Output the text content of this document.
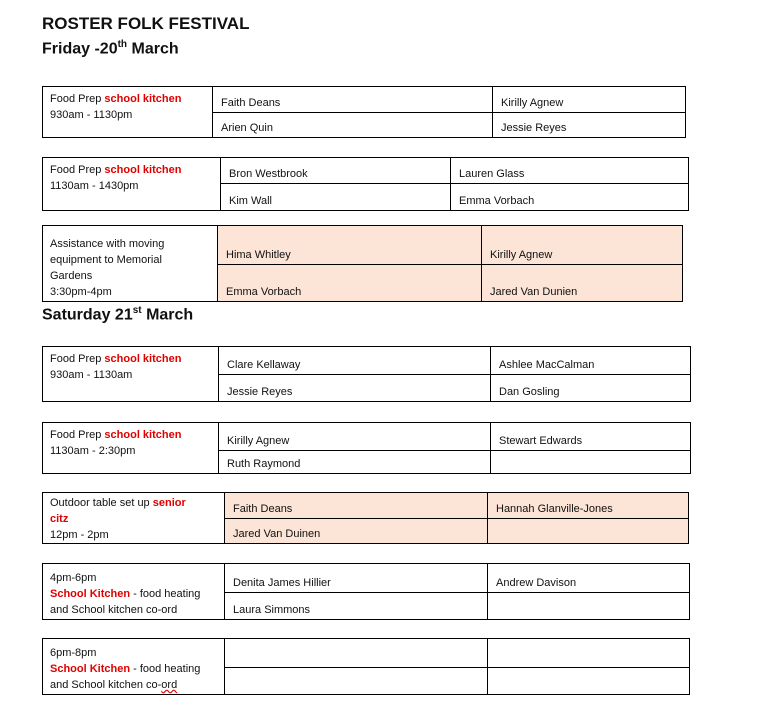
ROSTER FOLK FESTIVAL
Friday -20th March
Food Prep school kitchen
930am - 1130pm
Faith Deans	Kirilly Agnew
Arien Quin	Jessie Reyes
Food Prep school kitchen
1130am - 1430pm
Bron Westbrook	Lauren Glass
Kim Wall	Emma Vorbach
Assistance with moving
equipment to Memorial
Gardens
3:30pm-4pm
Hima Whitley	Kirilly Agnew
Emma Vorbach	Jared Van Dunien
Saturday 21st March
Food Prep school kitchen
930am - 1130am
Clare Kellaway	Ashlee MacCalman
Jessie Reyes	Dan Gosling
Food Prep school kitchen
1130am - 2:30pm
Kirilly Agnew	Stewart Edwards
Ruth Raymond
Outdoor table set up senior
citz
12pm - 2pm
Faith Deans	Hannah Glanville-Jones
Jared Van Duinen
4pm-6pm
School Kitchen - food heating
and School kitchen co-ord
Denita James Hillier	Andrew Davison
Laura Simmons
6pm-8pm
School Kitchen - food heating
and School kitchen co-ord
